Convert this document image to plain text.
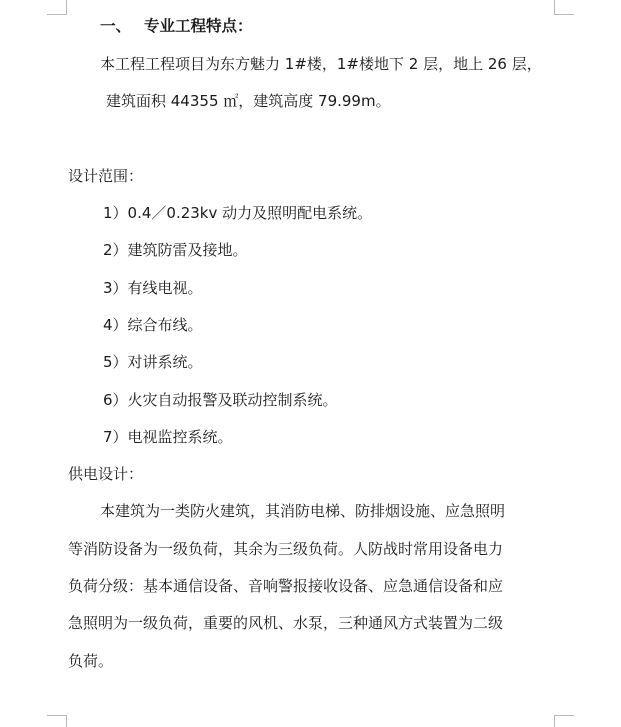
一、 专业工程特点：
本工程工程项目为东方魅力 1#楼，1#楼地下 2 层，地上 26 层，
建筑面积 44355 ㎡，建筑高度 79.99m。
设计范围：
1）0.4／0.23kv 动力及照明配电系统。
2）建筑防雷及接地。
3）有线电视。
4）综合布线。
5）对讲系统。
6）火灾自动报警及联动控制系统。
7）电视监控系统。
供电设计：
本建筑为一类防火建筑，其消防电梯、防排烟设施、应急照明
等消防设备为一级负荷，其余为三级负荷。人防战时常用设备电力
负荷分级：基本通信设备、音响警报接收设备、应急通信设备和应
急照明为一级负荷，重要的风机、水泵，三种通风方式装置为二级
负荷。
